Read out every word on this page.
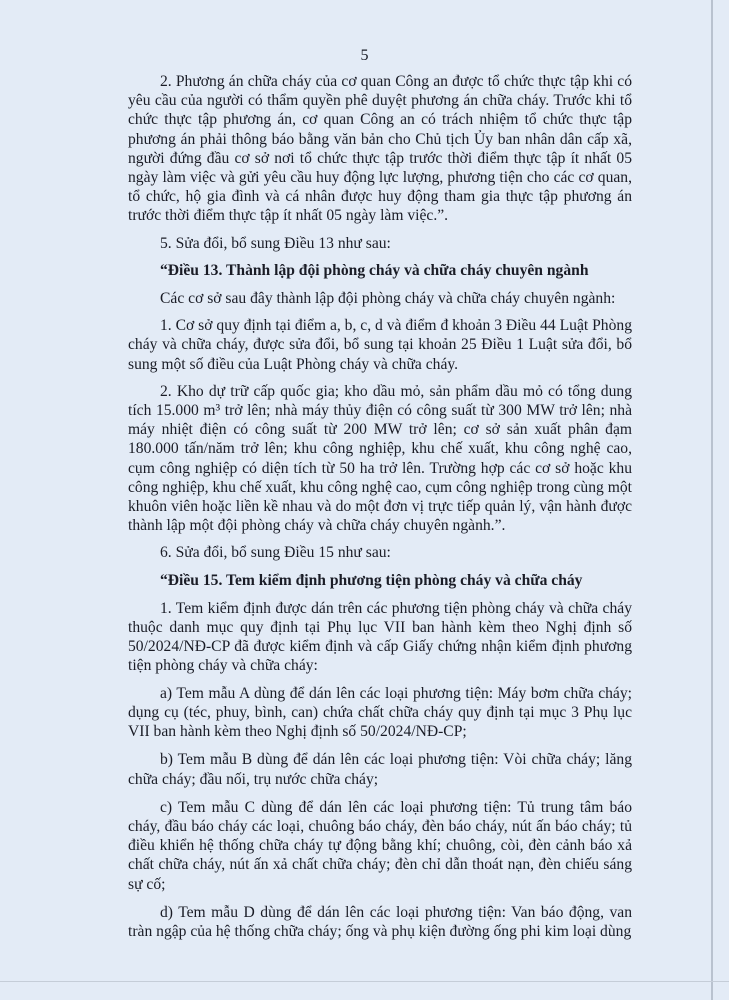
5

2. Phương án chữa cháy của cơ quan Công an được tổ chức thực tập khi có yêu cầu của người có thẩm quyền phê duyệt phương án chữa cháy. Trước khi tổ chức thực tập phương án, cơ quan Công an có trách nhiệm tổ chức thực tập phương án phải thông báo bằng văn bản cho Chủ tịch Ủy ban nhân dân cấp xã, người đứng đầu cơ sở nơi tổ chức thực tập trước thời điểm thực tập ít nhất 05 ngày làm việc và gửi yêu cầu huy động lực lượng, phương tiện cho các cơ quan, tổ chức, hộ gia đình và cá nhân được huy động tham gia thực tập phương án trước thời điểm thực tập ít nhất 05 ngày làm việc.”.

5. Sửa đổi, bổ sung Điều 13 như sau:

“Điều 13. Thành lập đội phòng cháy và chữa cháy chuyên ngành

Các cơ sở sau đây thành lập đội phòng cháy và chữa cháy chuyên ngành:

1. Cơ sở quy định tại điểm a, b, c, d và điểm đ khoản 3 Điều 44 Luật Phòng cháy và chữa cháy, được sửa đổi, bổ sung tại khoản 25 Điều 1 Luật sửa đổi, bổ sung một số điều của Luật Phòng cháy và chữa cháy.

2. Kho dự trữ cấp quốc gia; kho dầu mỏ, sản phẩm dầu mỏ có tổng dung tích 15.000 m³ trở lên; nhà máy thủy điện có công suất từ 300 MW trở lên; nhà máy nhiệt điện có công suất từ 200 MW trở lên; cơ sở sản xuất phân đạm 180.000 tấn/năm trở lên; khu công nghiệp, khu chế xuất, khu công nghệ cao, cụm công nghiệp có diện tích từ 50 ha trở lên. Trường hợp các cơ sở hoặc khu công nghiệp, khu chế xuất, khu công nghệ cao, cụm công nghiệp trong cùng một khuôn viên hoặc liền kề nhau và do một đơn vị trực tiếp quản lý, vận hành được thành lập một đội phòng cháy và chữa cháy chuyên ngành.”.

6. Sửa đổi, bổ sung Điều 15 như sau:

“Điều 15. Tem kiểm định phương tiện phòng cháy và chữa cháy

1. Tem kiểm định được dán trên các phương tiện phòng cháy và chữa cháy thuộc danh mục quy định tại Phụ lục VII ban hành kèm theo Nghị định số 50/2024/NĐ-CP đã được kiểm định và cấp Giấy chứng nhận kiểm định phương tiện phòng cháy và chữa cháy:

a) Tem mẫu A dùng để dán lên các loại phương tiện: Máy bơm chữa cháy; dụng cụ (téc, phuy, bình, can) chứa chất chữa cháy quy định tại mục 3 Phụ lục VII ban hành kèm theo Nghị định số 50/2024/NĐ-CP;

b) Tem mẫu B dùng để dán lên các loại phương tiện: Vòi chữa cháy; lăng chữa cháy; đầu nối, trụ nước chữa cháy;

c) Tem mẫu C dùng để dán lên các loại phương tiện: Tủ trung tâm báo cháy, đầu báo cháy các loại, chuông báo cháy, đèn báo cháy, nút ấn báo cháy; tủ điều khiển hệ thống chữa cháy tự động bằng khí; chuông, còi, đèn cảnh báo xả chất chữa cháy, nút ấn xả chất chữa cháy; đèn chỉ dẫn thoát nạn, đèn chiếu sáng sự cố;

d) Tem mẫu D dùng để dán lên các loại phương tiện: Van báo động, van tràn ngập của hệ thống chữa cháy; ống và phụ kiện đường ống phi kim loại dùng
